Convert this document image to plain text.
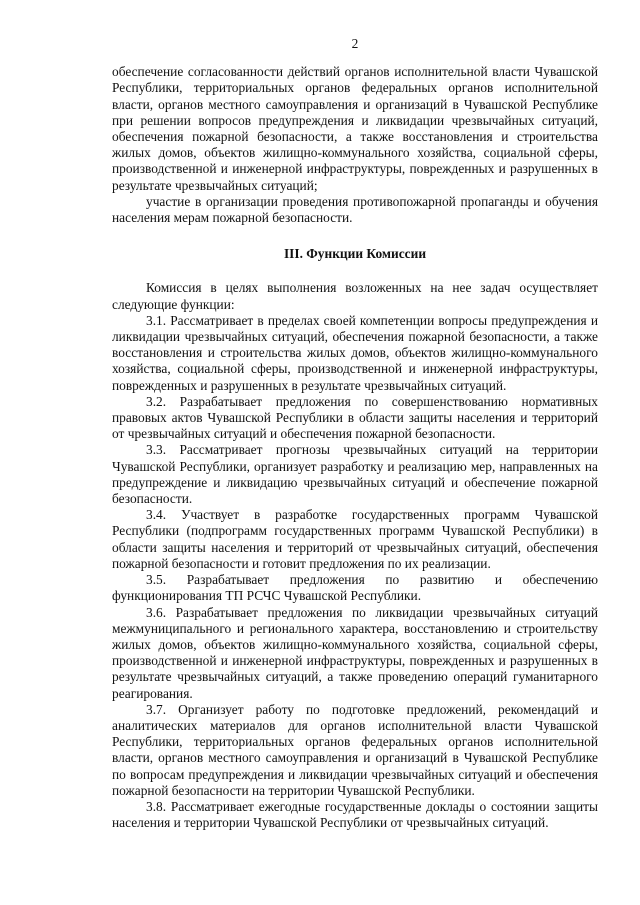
2

обеспечение согласованности действий органов исполнительной власти Чувашской Республики, территориальных органов федеральных органов исполнительной власти, органов местного самоуправления и организаций в Чувашской Республике при решении вопросов предупреждения и ликвидации чрезвычайных ситуаций, обеспечения пожарной безопасности, а также восстановления и строительства жилых домов, объектов жилищно-коммунального хозяйства, социальной сферы, производственной и инженерной инфраструктуры, поврежденных и разрушенных в результате чрезвычайных ситуаций;

участие в организации проведения противопожарной пропаганды и обучения населения мерам пожарной безопасности.

III. Функции Комиссии

Комиссия в целях выполнения возложенных на нее задач осуществляет следующие функции:

3.1. Рассматривает в пределах своей компетенции вопросы предупреждения и ликвидации чрезвычайных ситуаций, обеспечения пожарной безопасности, а также восстановления и строительства жилых домов, объектов жилищно-коммунального хозяйства, социальной сферы, производственной и инженерной инфраструктуры, поврежденных и разрушенных в результате чрезвычайных ситуаций.

3.2. Разрабатывает предложения по совершенствованию нормативных правовых актов Чувашской Республики в области защиты населения и территорий от чрезвычайных ситуаций и обеспечения пожарной безопасности.

3.3. Рассматривает прогнозы чрезвычайных ситуаций на территории Чувашской Республики, организует разработку и реализацию мер, направленных на предупреждение и ликвидацию чрезвычайных ситуаций и обеспечение пожарной безопасности.

3.4. Участвует в разработке государственных программ Чувашской Республики (подпрограмм государственных программ Чувашской Республики) в области защиты населения и территорий от чрезвычайных ситуаций, обеспечения пожарной безопасности и готовит предложения по их реализации.

3.5. Разрабатывает предложения по развитию и обеспечению функционирования ТП РСЧС Чувашской Республики.

3.6. Разрабатывает предложения по ликвидации чрезвычайных ситуаций межмуниципального и регионального характера, восстановлению и строительству жилых домов, объектов жилищно-коммунального хозяйства, социальной сферы, производственной и инженерной инфраструктуры, поврежденных и разрушенных в результате чрезвычайных ситуаций, а также проведению операций гуманитарного реагирования.

3.7. Организует работу по подготовке предложений, рекомендаций и аналитических материалов для органов исполнительной власти Чувашской Республики, территориальных органов федеральных органов исполнительной власти, органов местного самоуправления и организаций в Чувашской Республике по вопросам предупреждения и ликвидации чрезвычайных ситуаций и обеспечения пожарной безопасности на территории Чувашской Республики.

3.8. Рассматривает ежегодные государственные доклады о состоянии защиты населения и территории Чувашской Республики от чрезвычайных ситуаций.
